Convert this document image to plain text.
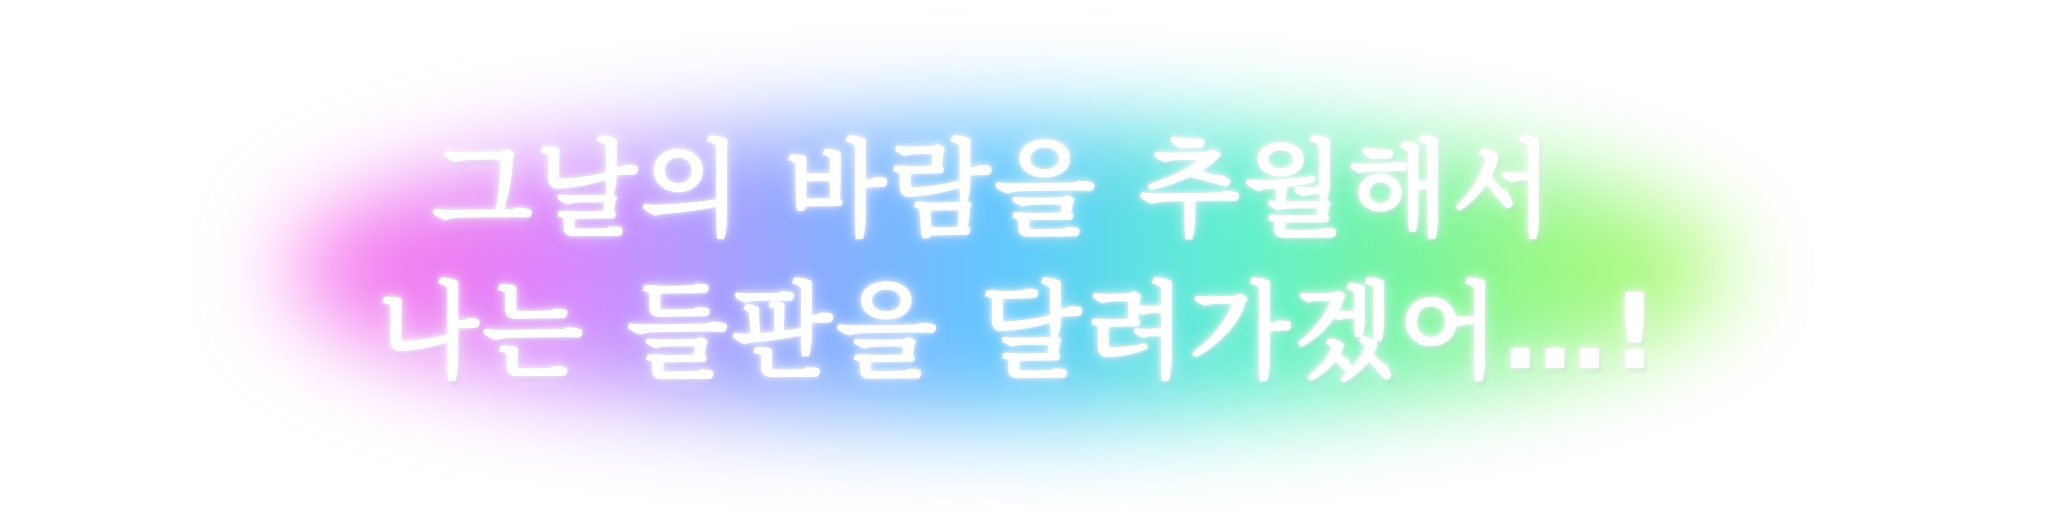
그날의 바람을 추월해서
나는 들판을 달려가겠어…!
